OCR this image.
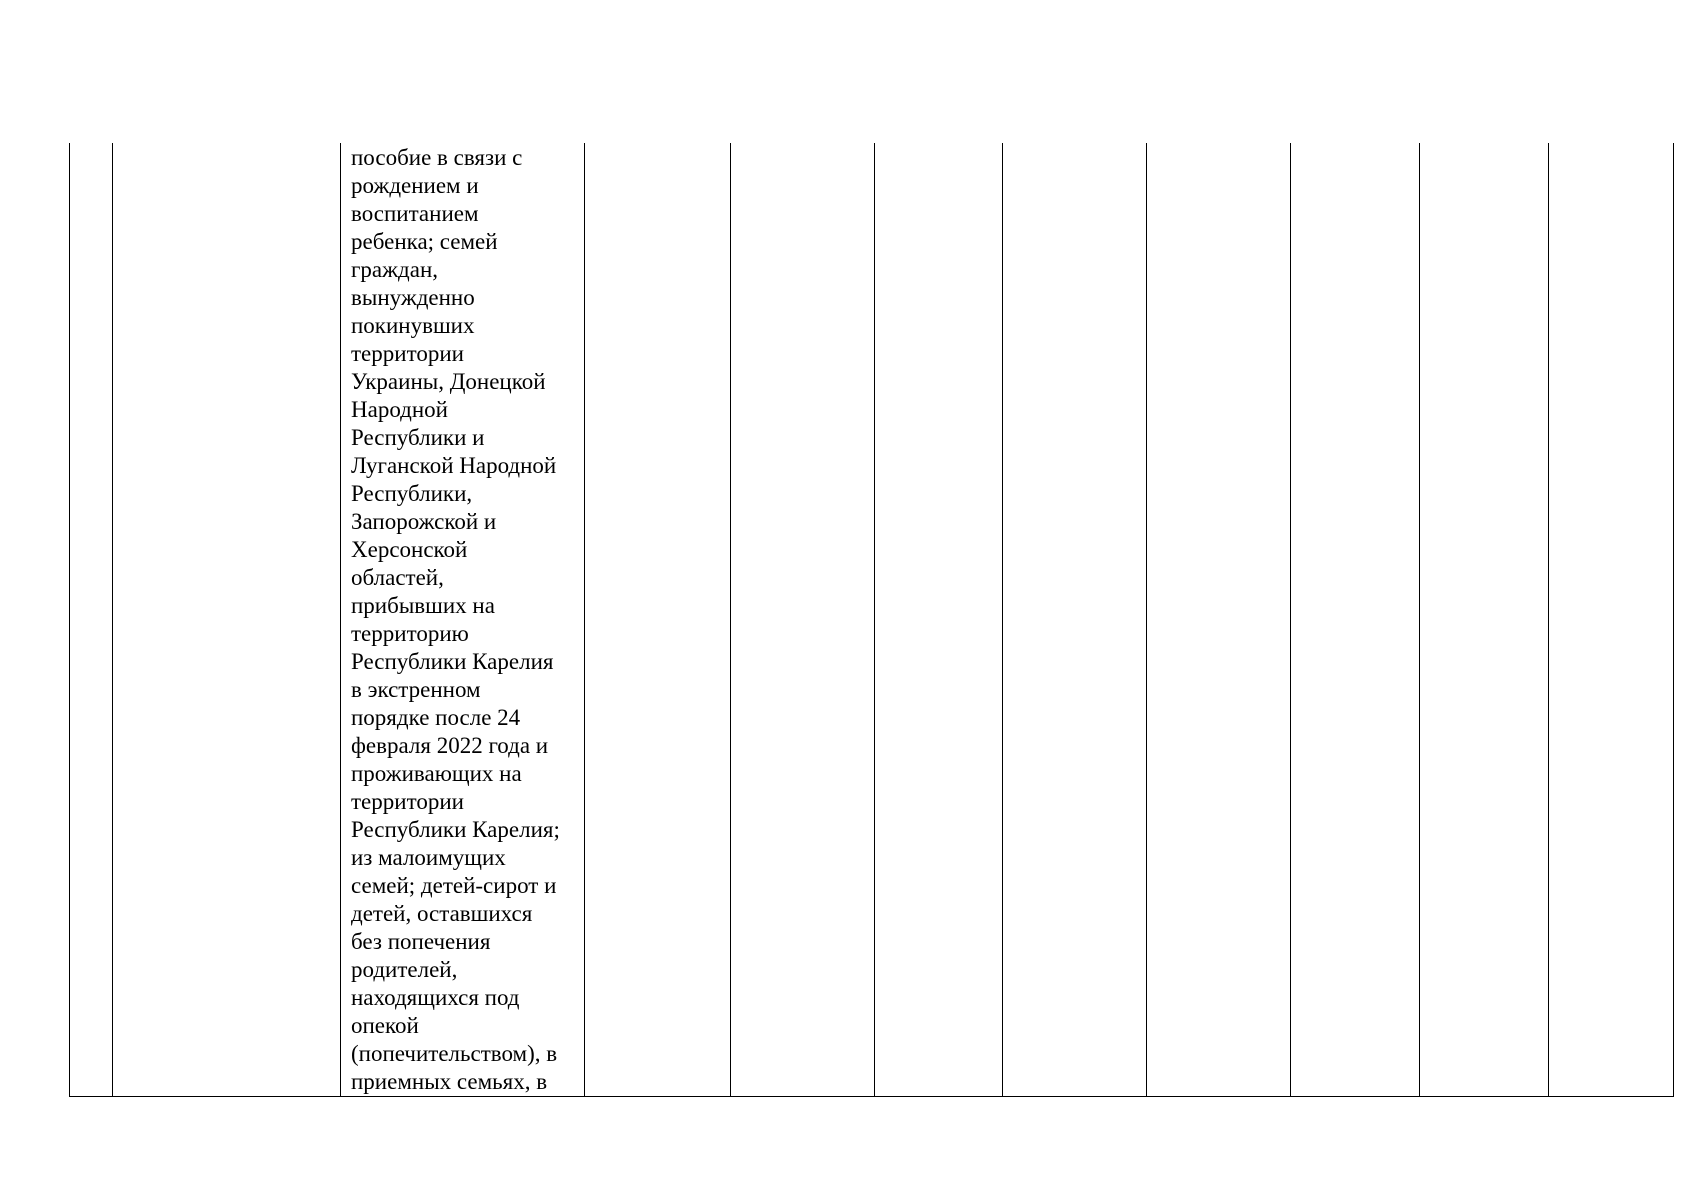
пособие в связи с
рождением и
воспитанием
ребенка; семей
граждан,
вынужденно
покинувших
территории
Украины, Донецкой
Народной
Республики и
Луганской Народной
Республики,
Запорожской и
Херсонской
областей,
прибывших на
территорию
Республики Карелия
в экстренном
порядке после 24
февраля 2022 года и
проживающих на
территории
Республики Карелия;
из малоимущих
семей; детей-сирот и
детей, оставшихся
без попечения
родителей,
находящихся под
опекой
(попечительством), в
приемных семьях, в
